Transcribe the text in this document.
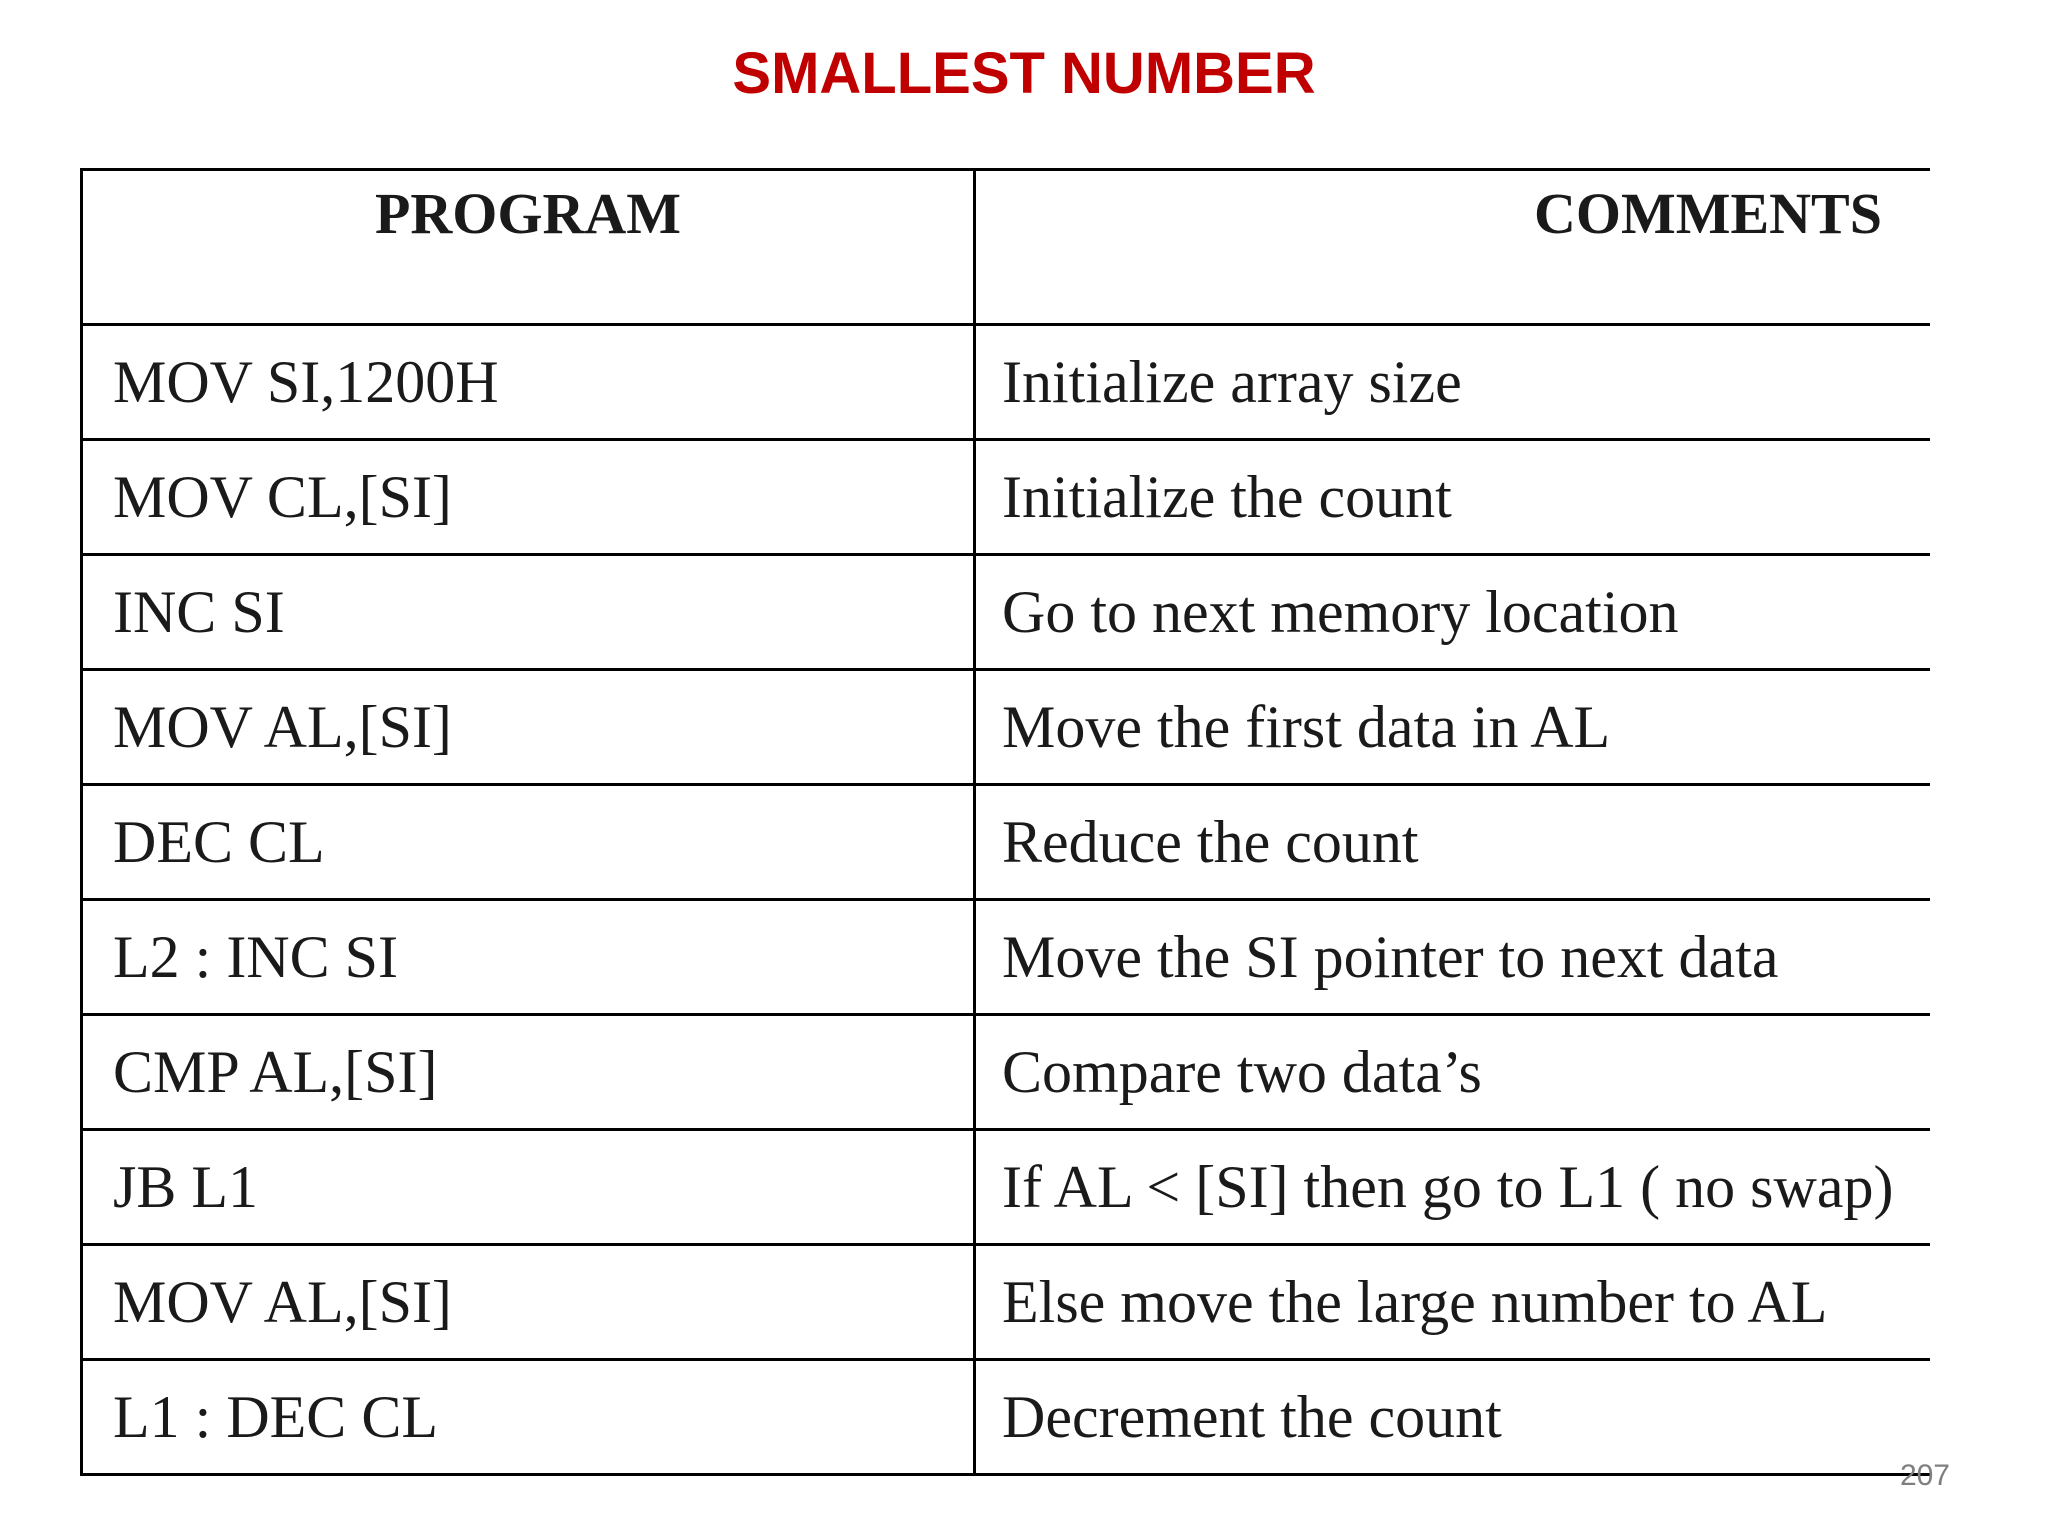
SMALLEST NUMBER
PROGRAM	COMMENTS
MOV SI,1200H	Initialize array size
MOV CL,[SI]	Initialize the count
INC SI	Go to next memory location
MOV AL,[SI]	Move the first data in AL
DEC CL	Reduce the count
L2 : INC SI	Move the SI pointer to next data
CMP AL,[SI]	Compare two data’s
JB L1	If AL < [SI] then go to L1 ( no swap)
MOV AL,[SI]	Else move the large number to AL
L1 : DEC CL	Decrement the count
207
